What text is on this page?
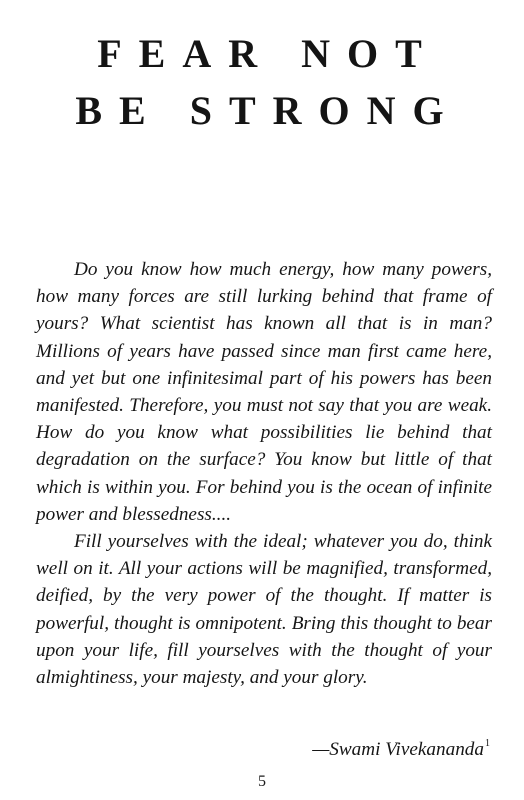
FEAR NOT
BE STRONG

Do you know how much energy, how many powers, how many forces are still lurking behind that frame of yours? What scientist has known all that is in man? Millions of years have passed since man first came here, and yet but one infinitesimal part of his powers has been manifested. Therefore, you must not say that you are weak. How do you know what possibilities lie behind that degradation on the surface? You know but little of that which is within you. For behind you is the ocean of infinite power and blessedness....

Fill yourselves with the ideal; whatever you do, think well on it. All your actions will be magnified, transformed, deified, by the very power of the thought. If matter is powerful, thought is omnipotent. Bring this thought to bear upon your life, fill yourselves with the thought of your almightiness, your majesty, and your glory.

—Swami Vivekananda$^1$
5
